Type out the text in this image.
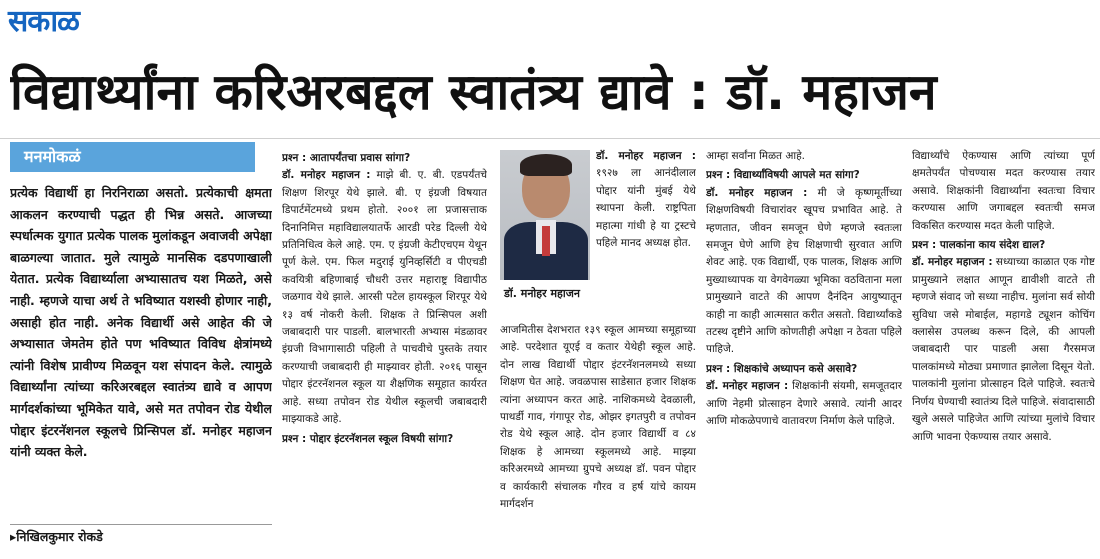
सकाळ
विद्यार्थ्यांना करिअरबद्दल स्वातंत्र्य द्यावे : डॉ. महाजन
मनमोकळं
प्रत्येक विद्यार्थी हा निरनिराळा असतो. प्रत्येकाची क्षमता आकलन करण्याची पद्धत ही भिन्न असते. आजच्या स्पर्धात्मक युगात प्रत्येक पालक मुलांकडून अवाजवी अपेक्षा बाळगल्या जातात. मुले त्यामुळे मानसिक दडपणाखाली येतात. प्रत्येक विद्यार्थ्याला अभ्यासातच यश मिळते, असे नाही. म्हणजे याचा अर्थ ते भविष्यात यशस्वी होणार नाही, असाही होत नाही. अनेक विद्यार्थी असे आहेत की जे अभ्यासात जेमतेम होते पण भविष्यात विविध क्षेत्रांमध्ये त्यांनी विशेष प्रावीण्य मिळवून यश संपादन केले. त्यामुळे विद्यार्थ्यांना त्यांच्या करिअरबद्दल स्वातंत्र्य द्यावे व आपण मार्गदर्शकांच्या भूमिकेत यावे, असे मत तपोवन रोड येथील पोद्दार इंटरनॅशनल स्कूलचे प्रिन्सिपल डॉ. मनोहर महाजन यांनी व्यक्त केले.
▸निखिलकुमार रोकडे

प्रश्‍न : आतापर्यंतचा प्रवास सांगा?

डॉ. मनोहर महाजन : माझे बी. ए. बी. एडपर्यंतचे शिक्षण शिरपूर येथे झाले. बी. ए इंग्रजी विषयात डिपार्टमेंटमध्ये प्रथम होतो. २००१ ला प्रजासत्ताक दिनानिमित्त महाविद्यालयातर्फे आरडी परेड दिल्ली येथे प्रतिनिधित्व केले आहे. एम. ए इंग्रजी केटीएचएम येथून पूर्ण केले. एम. फिल मदुराई युनिव्हर्सिटी व पीएचडी कवयित्री बहिणाबाई चौधरी उत्तर महाराष्ट्र विद्यापीठ जळगाव येथे झाले. आरसी पटेल हायस्कूल शिरपूर येथे १३ वर्ष नोकरी केली. शिक्षक ते प्रिन्सिपल अशी जबाबदारी पार पाडली. बालभारती अभ्यास मंडळावर इंग्रजी विभागासाठी पहिली ते पाचवीचे पुस्तके तयार करण्याची जबाबदारी ही माझ्यावर होती. २०१६ पासून पोद्दार इंटरनॅशनल स्कूल या शैक्षणिक समूहात कार्यरत आहे. सध्या तपोवन रोड येथील स्कूलची जबाबदारी माझ्याकडे आहे.

प्रश्‍न : पोद्दार इंटरनॅशनल स्कूल विषयी सांगा?

डॉ. मनोहर महाजन

डॉ. मनोहर महाजन : १९२७ ला आनंदीलाल पोद्दार यांनी मुंबई येथे स्थापना केली. राष्ट्रपिता महात्मा गांधी हे या ट्रस्टचे पहिले मानद अध्यक्ष होत.

आजमितीस देशभरात १३९ स्कूल आमच्या समूहाच्या आहे. परदेशात यूएई व कतार येथेही स्कूल आहे. दोन लाख विद्यार्थी पोद्दार इंटरनॅशनलमध्ये सध्या शिक्षण घेत आहे. जवळपास साडेसात हजार शिक्षक त्यांना अध्यापन करत आहे. नाशिकमध्ये देवळाली, पाथर्डी गाव, गंगापूर रोड, ओझर इगतपुरी व तपोवन रोड येथे स्कूल आहे. दोन हजार विद्यार्थी व ८४ शिक्षक हे आमच्या स्कूलमध्ये आहे. माझ्या करिअरमध्ये आमच्या ग्रुपचे अध्यक्ष डॉ. पवन पोद्दार व कार्यकारी संचालक गौरव व हर्ष यांचे कायम मार्गदर्शन

आम्हा सर्वांना मिळत आहे.

प्रश्‍न : विद्यार्थ्यांविषयी आपले मत सांगा?

डॉ. मनोहर महाजन : मी जे कृष्णमूर्तीच्या शिक्षणविषयी विचारांवर खूपच प्रभावित आहे. ते म्हणतात, जीवन समजून घेणे म्हणजे स्वतःला समजून घेणे आणि हेच शिक्षणाची सुरवात आणि शेवट आहे. एक विद्यार्थी, एक पालक, शिक्षक आणि मुख्याध्यापक या वेगवेगळ्या भूमिका वठविताना मला प्रामुख्याने वाटते की आपण दैनंदिन आयुष्यातून काही ना काही आत्मसात करीत असतो. विद्यार्थ्यांकडे तटस्थ दृष्टीने आणि कोणतीही अपेक्षा न ठेवता पहिले पाहिजे.

प्रश्‍न : शिक्षकांचे अध्यापन कसे असावे?

डॉ. मनोहर महाजन : शिक्षकांनी संयमी, समजूतदार आणि नेहमी प्रोत्साहन देणारे असावे. त्यांनी आदर आणि मोकळेपणाचे वातावरण निर्माण केले पाहिजे.

विद्यार्थ्यांचे ऐकण्यास आणि त्यांच्या पूर्ण क्षमतेपर्यंत पोचण्यास मदत करण्यास तयार असावे. शिक्षकांनी विद्यार्थ्यांना स्वतःचा विचार करण्यास आणि जगाबद्दल स्वतःची समज विकसित करण्यास मदत केली पाहिजे.

प्रश्‍न : पालकांना काय संदेश द्याल?

डॉ. मनोहर महाजन : सध्याच्या काळात एक गोष्ट प्रामुख्याने लक्षात आणून द्यावीशी वाटते ती म्हणजे संवाद जो सध्या नाहीच. मुलांना सर्व सोयी सुविधा जसे मोबाईल, महागडे ट्यूशन कोचिंग क्लासेस उपलब्ध करून दिले, की आपली जबाबदारी पार पाडली असा गैरसमज पालकांमध्ये मोठ्या प्रमाणात झालेला दिसून येतो. पालकांनी मुलांना प्रोत्साहन दिले पाहिजे. स्वतःचे निर्णय घेण्याची स्वातंत्र्य दिले पाहिजे. संवादासाठी खुले असले पाहिजेत आणि त्यांच्या मुलांचे विचार आणि भावना ऐकण्यास तयार असावे.
